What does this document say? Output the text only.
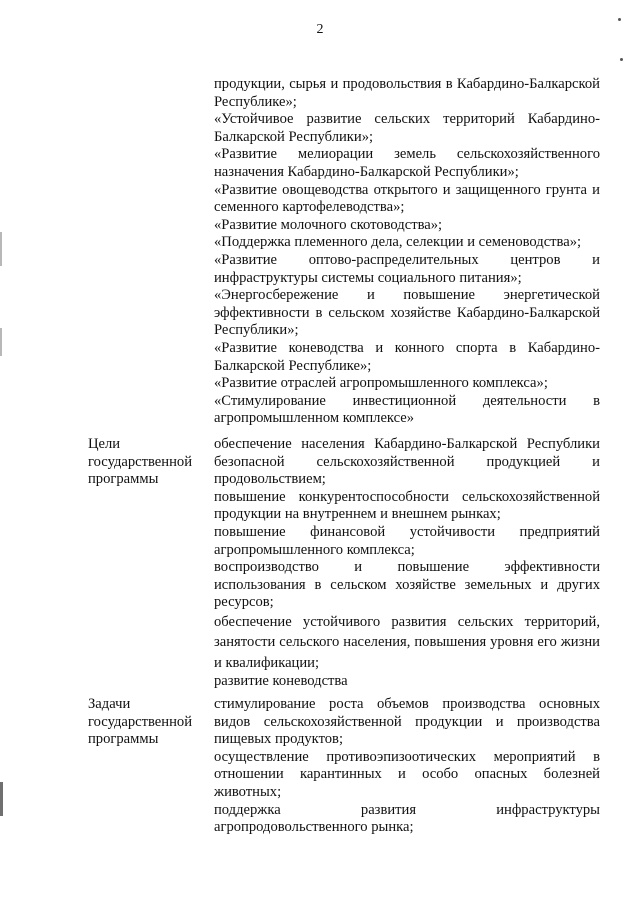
2
продукции, сырья и продовольствия в Кабардино-Балкарской Республике»;
«Устойчивое развитие сельских территорий Кабардино-Балкарской Республики»;
«Развитие мелиорации земель сельскохозяйственного назначения Кабардино-Балкарской Республики»;
«Развитие овощеводства открытого и защищенного грунта и семенного картофелеводства»;
«Развитие молочного скотоводства»;
«Поддержка племенного дела, селекции и семеноводства»;
«Развитие оптово-распределительных центров и инфраструктуры системы социального питания»;
«Энергосбережение и повышение энергетической эффективности в сельском хозяйстве Кабардино-Балкарской Республики»;
«Развитие коневодства и конного спорта в Кабардино-Балкарской Республике»;
«Развитие отраслей агропромышленного комплекса»;
«Стимулирование инвестиционной деятельности в агропромышленном комплексе»
Цели
государственной
программы
обеспечение населения Кабардино-Балкарской Республики безопасной сельскохозяйственной продукцией и продовольствием;
повышение конкурентоспособности сельскохозяйственной продукции на внутреннем и внешнем рынках;
повышение финансовой устойчивости предприятий агропромышленного комплекса;
воспроизводство и повышение эффективности использования в сельском хозяйстве земельных и других ресурсов;
обеспечение устойчивого развития сельских территорий, занятости сельского населения, повышения уровня его жизни и квалификации;
развитие коневодства
Задачи
государственной
программы
стимулирование роста объемов производства основных видов сельскохозяйственной продукции и производства пищевых продуктов;
осуществление противоэпизоотических мероприятий в отношении карантинных и особо опасных болезней животных;
поддержка развития инфраструктуры агропродовольственного рынка;
